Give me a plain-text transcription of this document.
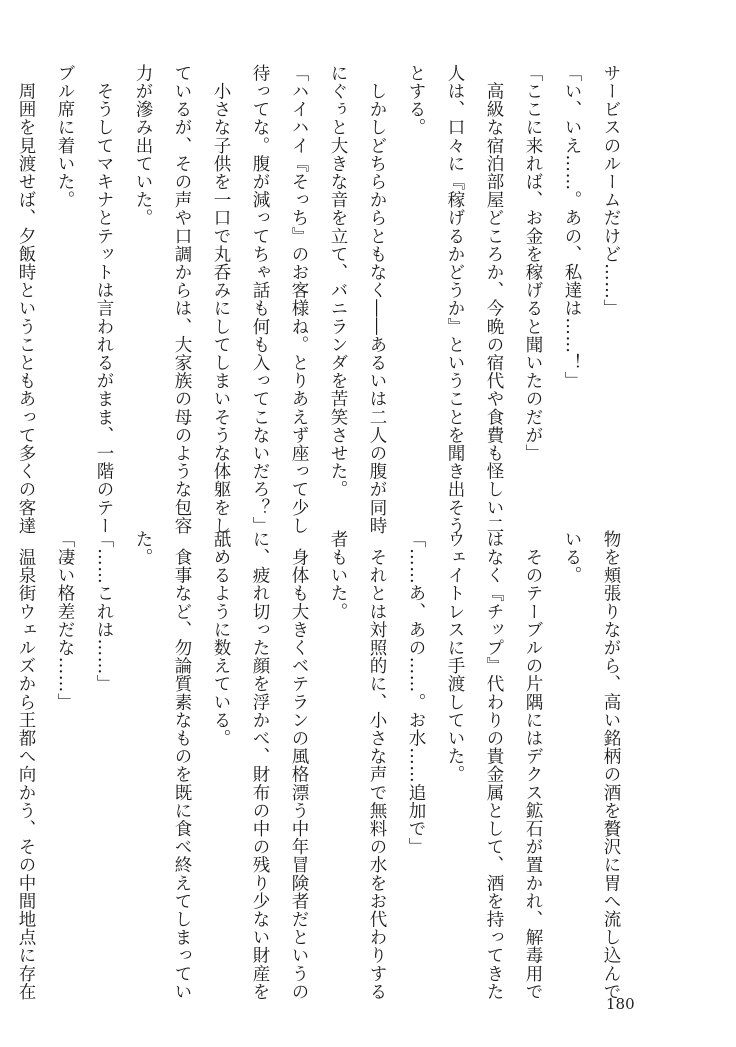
サービスのルームだけど……」
「い、いえ……。あの、私達は……！」
「ここに来れば、お金を稼げると聞いたのだが」
　高級な宿泊部屋どころか、今晩の宿代や食費も怪しい二
人は、口々に『稼げるかどうか』ということを聞き出そう
とする。
　しかしどちらからともなく――あるいは二人の腹が同時
にぐぅと大きな音を立て、バニランダを苦笑させた。
「ハイハイ『そっち』のお客様ね。とりあえず座って少し
待ってな。腹が減ってちゃ話も何も入ってこないだろ？」
　小さな子供を一口で丸呑みにしてしまいそうな体躯をし
ているが、その声や口調からは、大家族の母のような包容
力が滲み出ていた。
　そうしてマキナとテットは言われるがまま、一階のテー
ブル席に着いた。
　周囲を見渡せば、夕飯時ということもあって多くの客達
物を頬張りながら、高い銘柄の酒を贅沢に胃へ流し込んで
いる。
　そのテーブルの片隅にはデクス鉱石が置かれ、解毒用で
はなく『チップ』代わりの貴金属として、酒を持ってきた
ウェイトレスに手渡していた。
「……あ、あの……。お水……追加で」
　それとは対照的に、小さな声で無料の水をお代わりする
者もいた。
　身体も大きくベテランの風格漂う中年冒険者だというの
に、疲れ切った顔を浮かべ、財布の中の残り少ない財産を
舐めるように数えている。
　食事など、勿論質素なものを既に食べ終えてしまってい
た。
「……これは……」
「凄い格差だな……」
　温泉街ウェルズから王都へ向かう、その中間地点に存在
180
